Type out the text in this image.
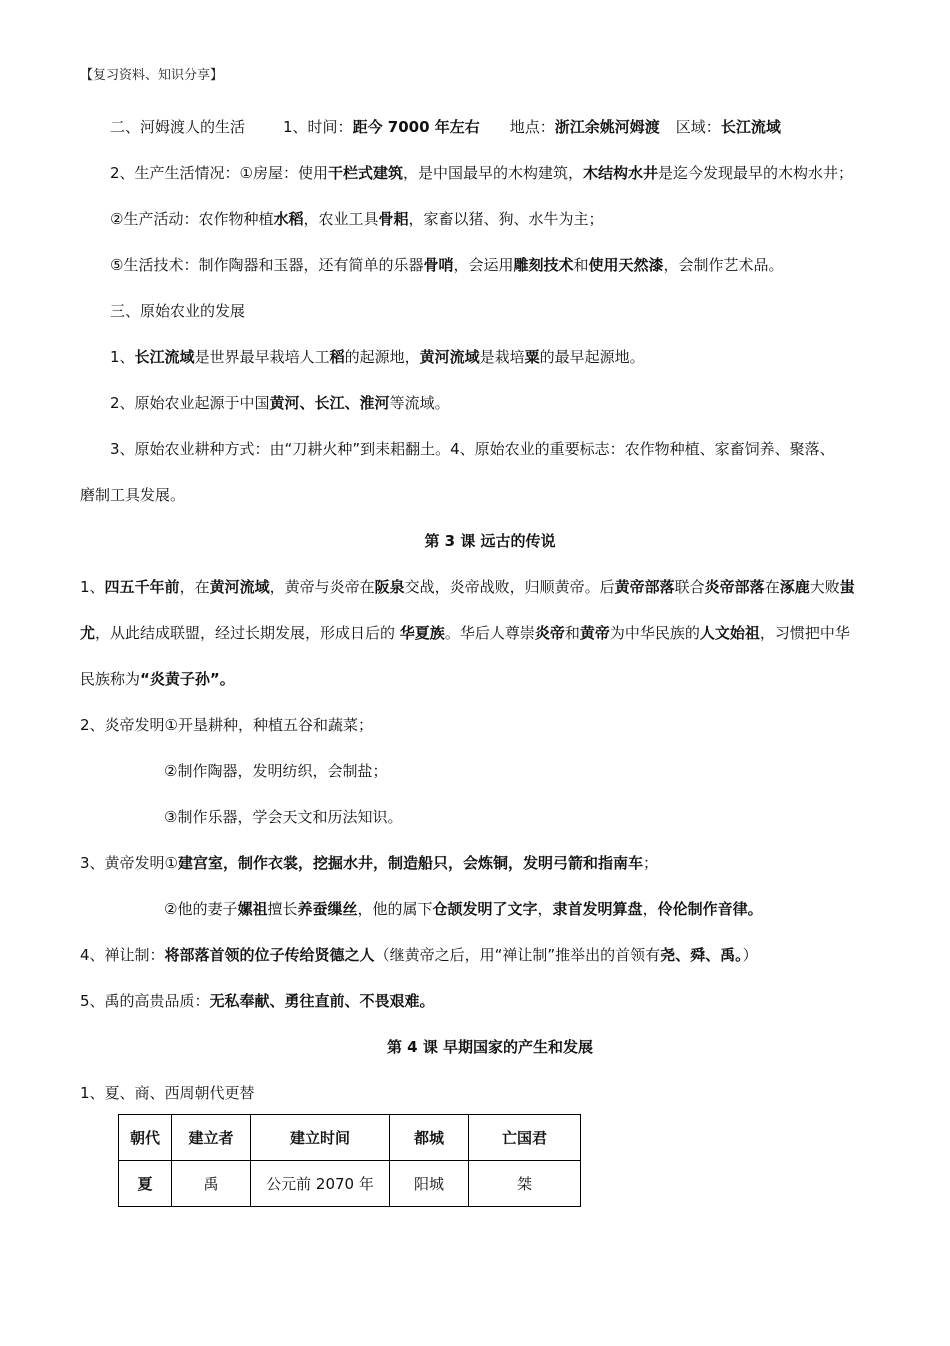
【复习资料、知识分享】
二、河姆渡人的生活	1、时间：距今 7000 年左右 地点：浙江余姚河姆渡 区域：长江流域
2、生产生活情况：①房屋：使用干栏式建筑，是中国最早的木构建筑，木结构水井是迄今发现最早的木构水井；
②生产活动：农作物种植水稻，农业工具骨耜，家畜以猪、狗、水牛为主；
⑤生活技术：制作陶器和玉器，还有简单的乐器骨哨，会运用雕刻技术和使用天然漆，会制作艺术品。
三、原始农业的发展
1、长江流域是世界最早栽培人工稻的起源地，黄河流域是栽培粟的最早起源地。
2、原始农业起源于中国黄河、长江、淮河等流域。
3、原始农业耕种方式：由“刀耕火种”到耒耜翻土。4、原始农业的重要标志：农作物种植、家畜饲养、聚落、
磨制工具发展。
第 3 课 远古的传说
1、四五千年前，在黄河流域，黄帝与炎帝在阪泉交战，炎帝战败，归顺黄帝。后黄帝部落联合炎帝部落在涿鹿大败蚩
尤，从此结成联盟，经过长期发展，形成日后的 华夏族。华后人尊崇炎帝和黄帝为中华民族的人文始祖，习惯把中华
民族称为“炎黄子孙”。
2、炎帝发明①开垦耕种，种植五谷和蔬菜；
②制作陶器，发明纺织，会制盐；
③制作乐器，学会天文和历法知识。
3、黄帝发明①建宫室，制作衣裳，挖掘水井，制造船只，会炼铜，发明弓箭和指南车；
②他的妻子嫘祖擅长养蚕缫丝，他的属下仓颉发明了文字，隶首发明算盘，伶伦制作音律。
4、禅让制：将部落首领的位子传给贤德之人（继黄帝之后，用“禅让制”推举出的首领有尧、舜、禹。）
5、禹的高贵品质：无私奉献、勇往直前、不畏艰难。
第 4 课 早期国家的产生和发展
1、夏、商、西周朝代更替
朝代	建立者	建立时间	都城	亡国君
夏	禹	公元前 2070 年	阳城	桀
